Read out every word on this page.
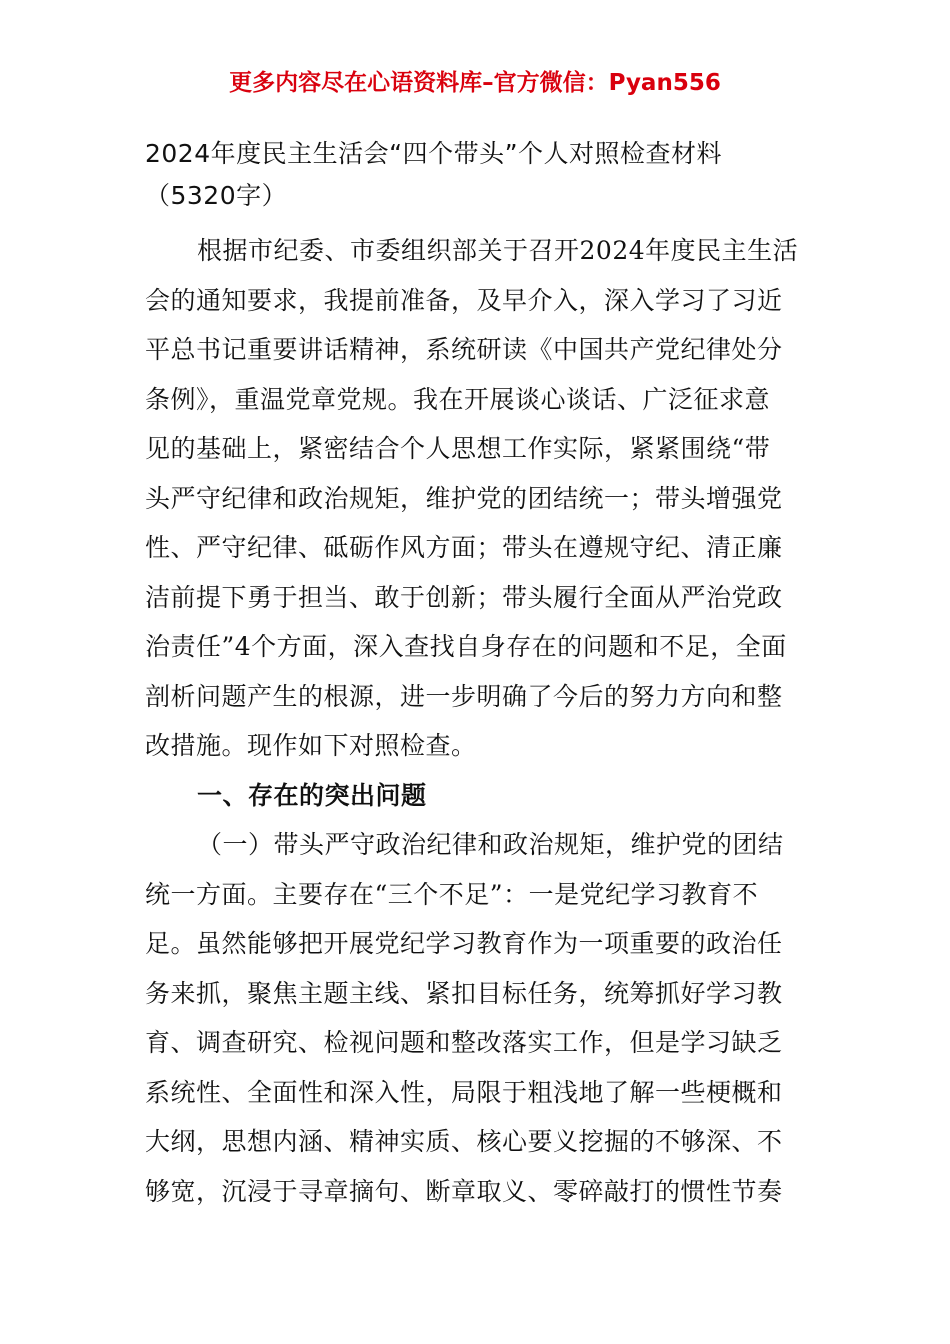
更多内容尽在心语资料库–官方微信：Pyan556
2024年度民主生活会“四个带头”个人对照检查材料
（5320字）
根据市纪委、市委组织部关于召开2024年度民主生活
会的通知要求，我提前准备，及早介入，深入学习了习近
平总书记重要讲话精神，系统研读《中国共产党纪律处分
条例》，重温党章党规。我在开展谈心谈话、广泛征求意
见的基础上，紧密结合个人思想工作实际，紧紧围绕“带
头严守纪律和政治规矩，维护党的团结统一；带头增强党
性、严守纪律、砥砺作风方面；带头在遵规守纪、清正廉
洁前提下勇于担当、敢于创新；带头履行全面从严治党政
治责任”4个方面，深入查找自身存在的问题和不足，全面
剖析问题产生的根源，进一步明确了今后的努力方向和整
改措施。现作如下对照检查。
一、存在的突出问题
（一）带头严守政治纪律和政治规矩，维护党的团结
统一方面。主要存在“三个不足”：一是党纪学习教育不
足。虽然能够把开展党纪学习教育作为一项重要的政治任
务来抓，聚焦主题主线、紧扣目标任务，统筹抓好学习教
育、调查研究、检视问题和整改落实工作，但是学习缺乏
系统性、全面性和深入性，局限于粗浅地了解一些梗概和
大纲，思想内涵、精神实质、核心要义挖掘的不够深、不
够宽，沉浸于寻章摘句、断章取义、零碎敲打的惯性节奏
